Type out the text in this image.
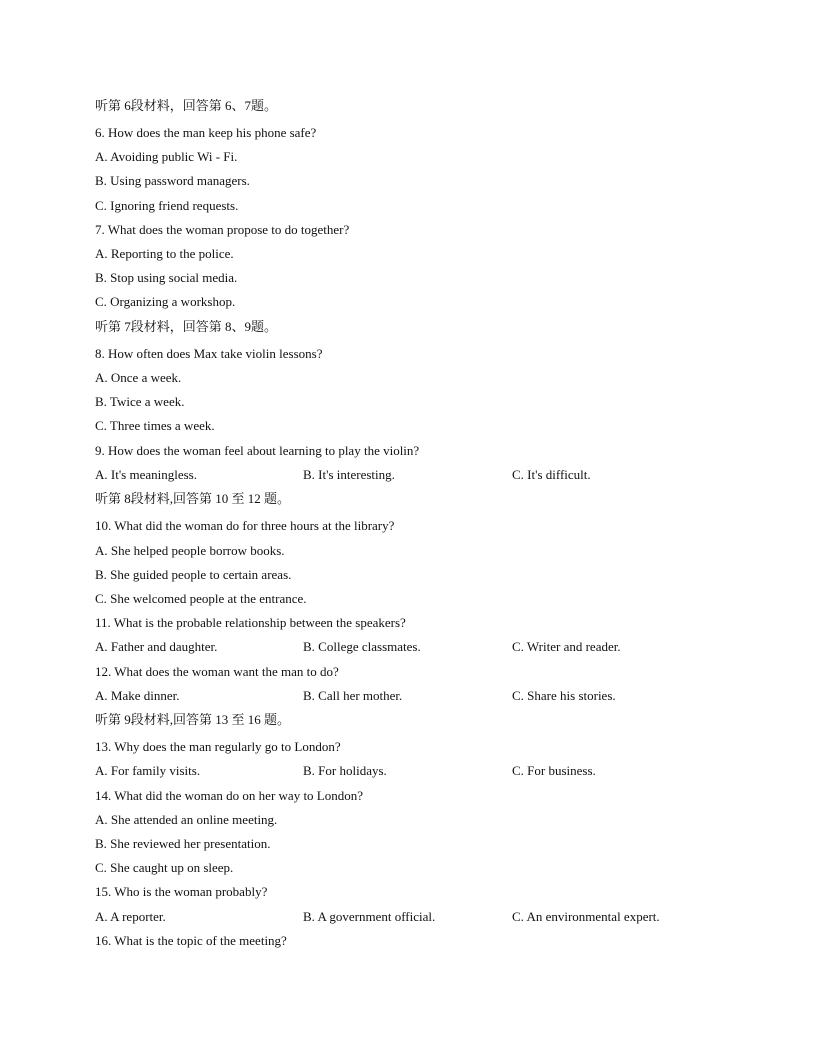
听第 6段材料，回答第 6、7题。
6. How does the man keep his phone safe?
A. Avoiding public Wi - Fi.
B. Using password managers.
C. Ignoring friend requests.
7. What does the woman propose to do together?
A. Reporting to the police.
B. Stop using social media.
C. Organizing a workshop.
听第 7段材料，回答第 8、9题。
8. How often does Max take violin lessons?
A. Once a week.
B. Twice a week.
C. Three times a week.
9. How does the woman feel about learning to play the violin?
A. It's meaningless.	B. It's interesting.	C. It's difficult.
听第 8段材料,回答第 10 至 12 题。
10. What did the woman do for three hours at the library?
A. She helped people borrow books.
B. She guided people to certain areas.
C. She welcomed people at the entrance.
11. What is the probable relationship between the speakers?
A. Father and daughter.	B. College classmates.	C. Writer and reader.
12. What does the woman want the man to do?
A. Make dinner.	B. Call her mother.	C. Share his stories.
听第 9段材料,回答第 13 至 16 题。
13. Why does the man regularly go to London?
A. For family visits.	B. For holidays.	C. For business.
14. What did the woman do on her way to London?
A. She attended an online meeting.
B. She reviewed her presentation.
C. She caught up on sleep.
15. Who is the woman probably?
A. A reporter.	B. A government official.	C. An environmental expert.
16. What is the topic of the meeting?
